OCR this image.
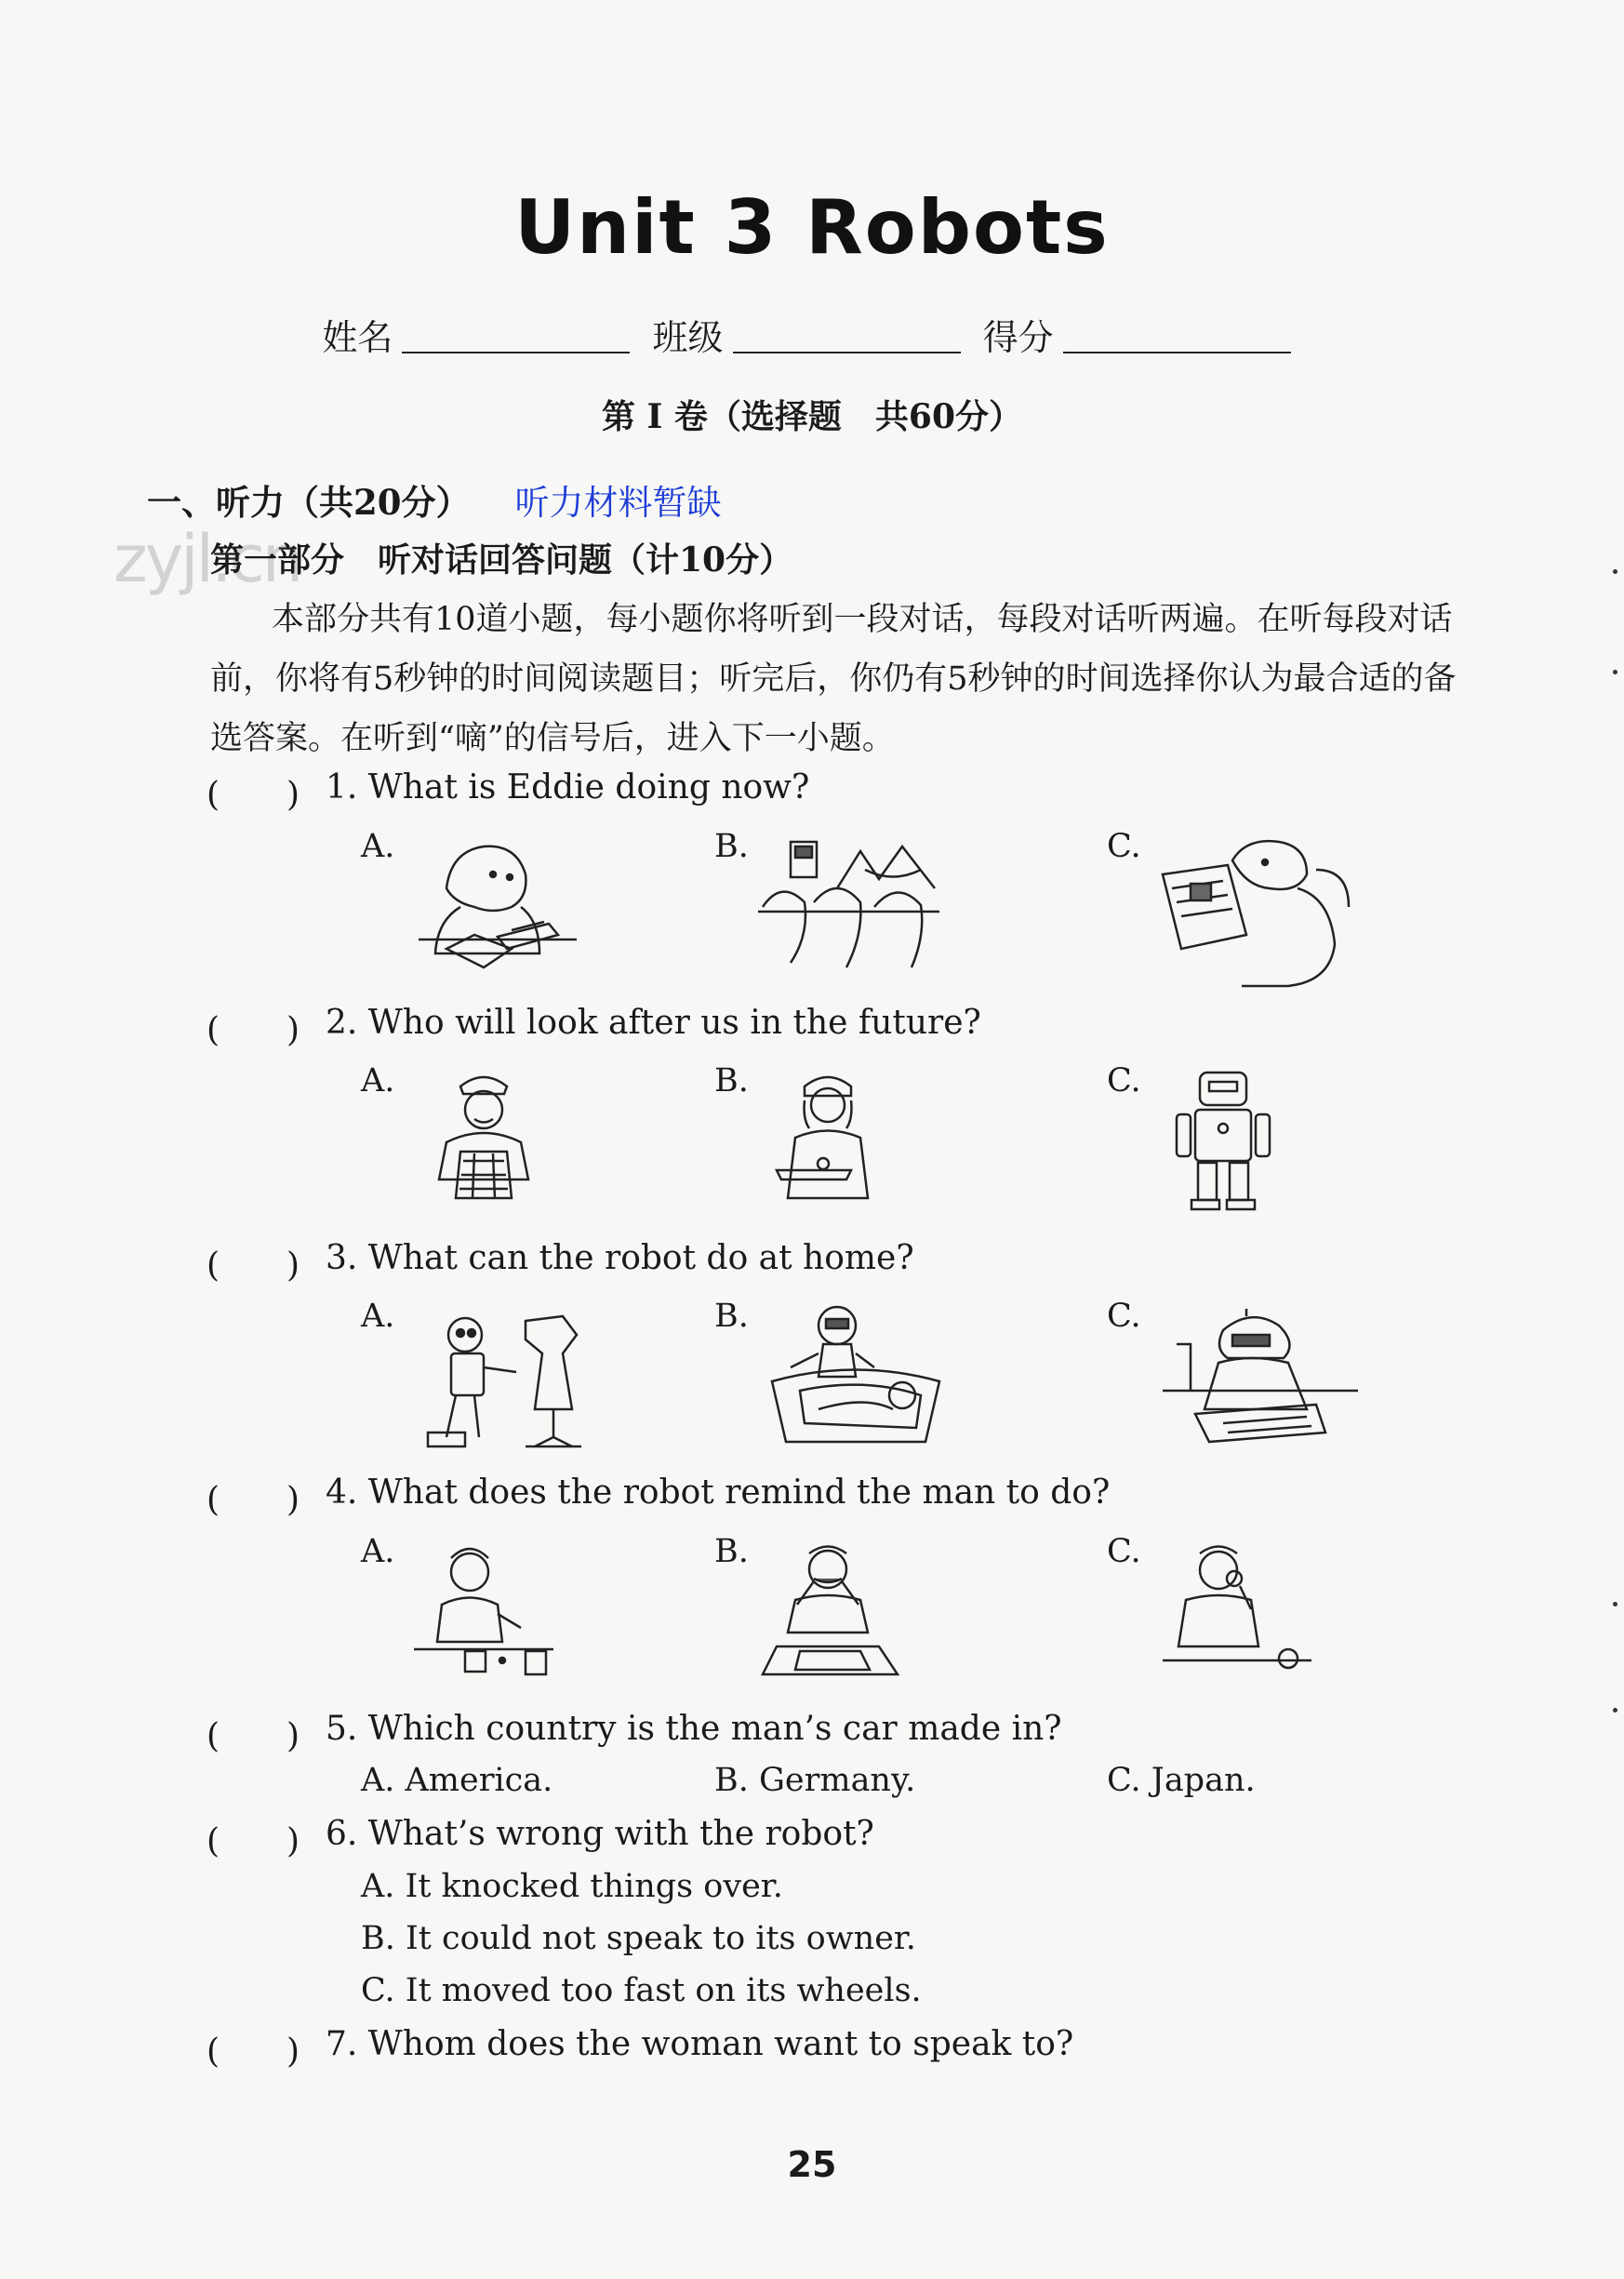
Unit 3 Robots
姓名	班级	得分
第 I 卷（选择题　共60分）
一、听力（共20分） 听力材料暂缺
zyjl.cn
第一部分　听对话回答问题（计10分）

本部分共有10道小题，每小题你将听到一段对话，每段对话听两遍。在听每段对话前，你将有5秒钟的时间阅读题目；听完后，你仍有5秒钟的时间选择你认为最合适的备选答案。在听到“嘀”的信号后，进入下一小题。

(　　) 1. What is Eddie doing now?
A.	B.	C.
(　　) 2. Who will look after us in the future?
A.	B.	C.
(　　) 3. What can the robot do at home?
A.	B.	C.
(　　) 4. What does the robot remind the man to do?
A.	B.	C.
(　　) 5. Which country is the man’s car made in?
A. America.	B. Germany.	C. Japan.
(　　) 6. What’s wrong with the robot?
A. It knocked things over.
B. It could not speak to its owner.
C. It moved too fast on its wheels.
(　　) 7. Whom does the woman want to speak to?
25
